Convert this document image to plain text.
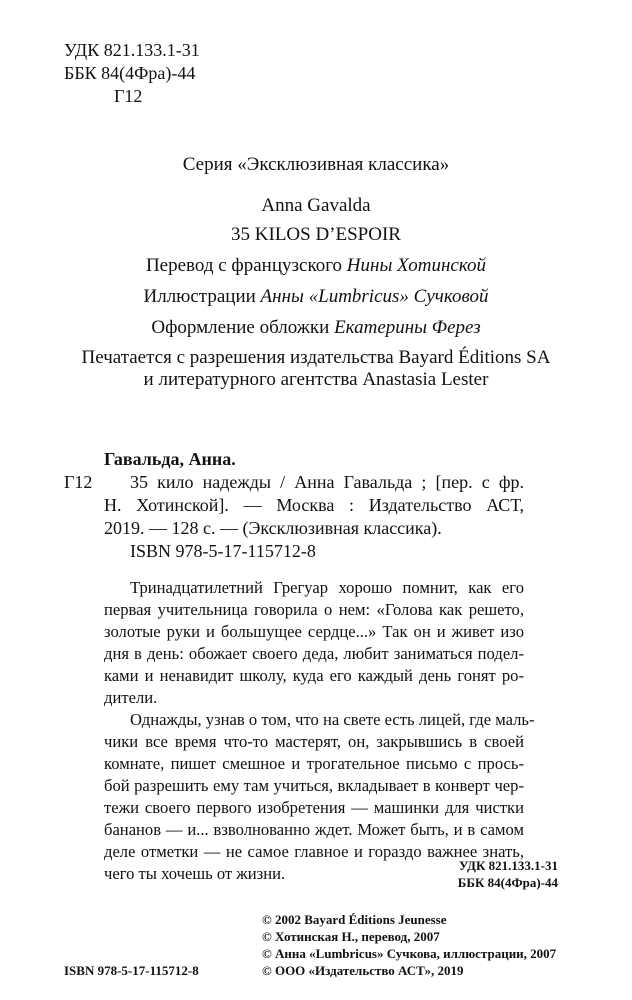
УДК 821.133.1-31
ББК 84(4Фра)-44
Г12
Серия «Эксклюзивная классика»
Anna Gavalda
35 KILOS D’ESPOIR
Перевод с французского Нины Хотинской
Иллюстрации Анны «Lumbricus» Сучковой
Оформление обложки Екатерины Ферез
Печатается с разрешения издательства Bayard Éditions SA
и литературного агентства Anastasia Lester
Гавальда, Анна.
Г12	35 кило надежды / Анна Гавальда ; [пер. с фр.
Н. Хотинской]. — Москва : Издательство АСТ,
2019. — 128 с. — (Эксклюзивная классика).
ISBN 978-5-17-115712-8
Тринадцатилетний Грегуар хорошо помнит, как его
первая учительница говорила о нем: «Голова как решето,
золотые руки и большущее сердце...» Так он и живет изо
дня в день: обожает своего деда, любит заниматься подел-
ками и ненавидит школу, куда его каждый день гонят ро-
дители.
Однажды, узнав о том, что на свете есть лицей, где маль-
чики все время что-то мастерят, он, закрывшись в своей
комнате, пишет смешное и трогательное письмо с прось-
бой разрешить ему там учиться, вкладывает в конверт чер-
тежи своего первого изобретения — машинки для чистки
бананов — и... взволнованно ждет. Может быть, и в самом
деле отметки — не самое главное и гораздо важнее знать,
чего ты хочешь от жизни.	УДК 821.133.1-31
ББК 84(4Фра)-44
© 2002 Bayard Éditions Jeunesse
© Хотинская Н., перевод, 2007
© Анна «Lumbricus» Сучкова, иллюстрации, 2007
© ООО «Издательство АСТ», 2019
ISBN 978-5-17-115712-8
